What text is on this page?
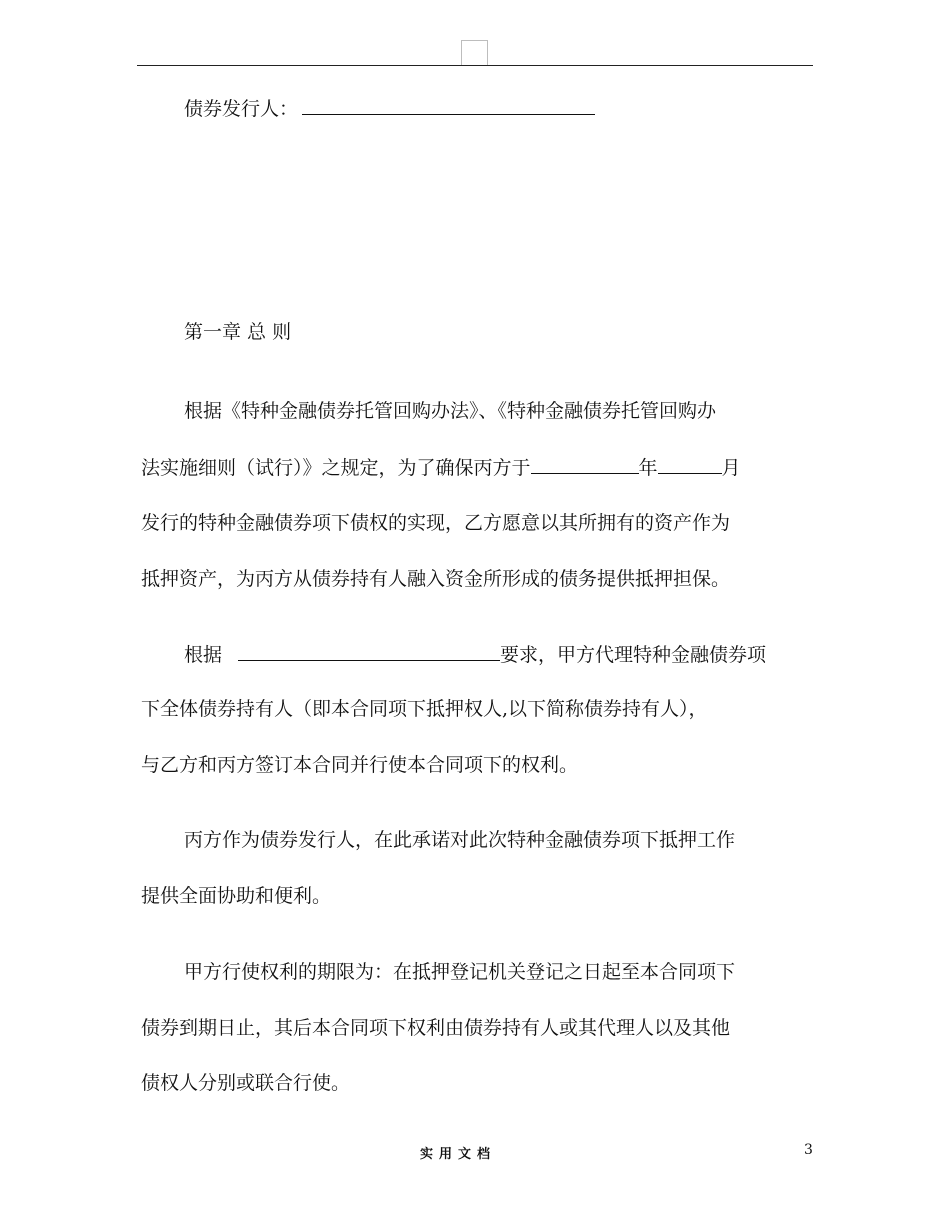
债券发行人：
第一章 总 则
根据《特种金融债券托管回购办法》、《特种金融债券托管回购办
法实施细则（试行）》之规定，为了确保丙方于	年	月
发行的特种金融债券项下债权的实现，乙方愿意以其所拥有的资产作为
抵押资产，为丙方从债券持有人融入资金所形成的债务提供抵押担保。
根据	要求，甲方代理特种金融债券项
下全体债券持有人（即本合同项下抵押权人,以下简称债券持有人），
与乙方和丙方签订本合同并行使本合同项下的权利。
丙方作为债券发行人，在此承诺对此次特种金融债券项下抵押工作
提供全面协助和便利。
甲方行使权利的期限为：在抵押登记机关登记之日起至本合同项下
债券到期日止，其后本合同项下权利由债券持有人或其代理人以及其他
债权人分别或联合行使。
实用文档	3
